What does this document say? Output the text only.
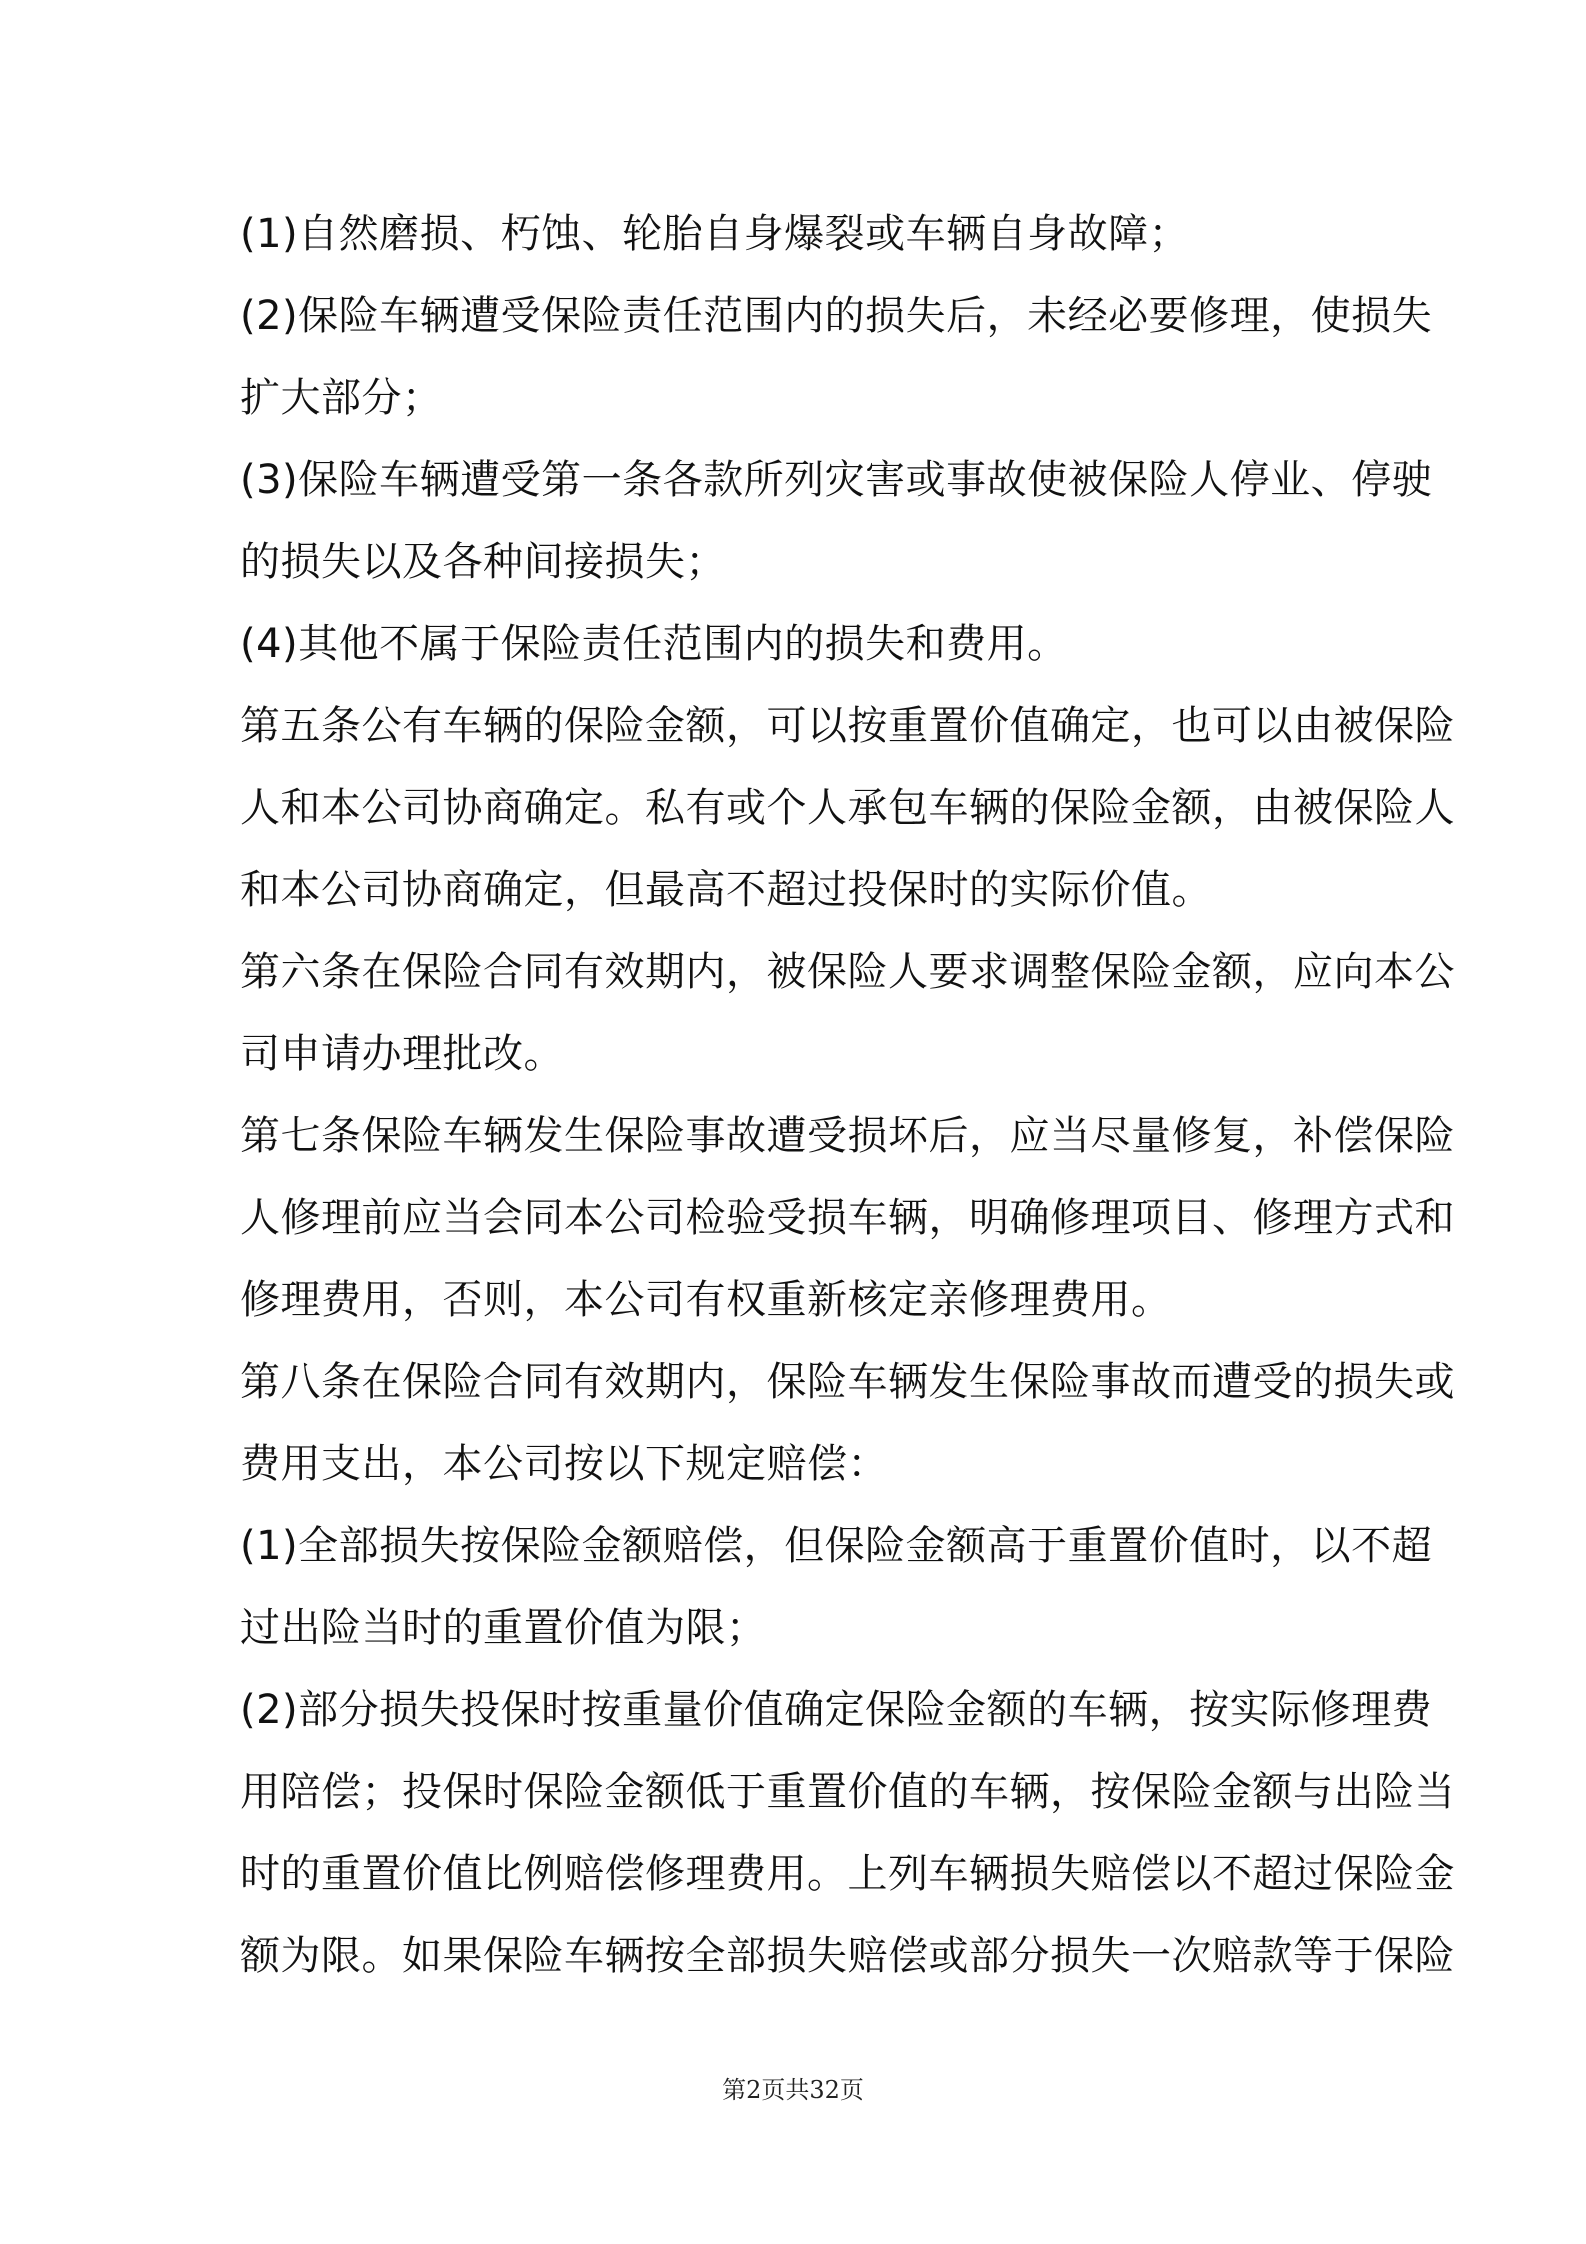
(1)自然磨损、朽蚀、轮胎自身爆裂或车辆自身故障；
(2)保险车辆遭受保险责任范围内的损失后，未经必要修理，使损失
扩大部分；
(3)保险车辆遭受第一条各款所列灾害或事故使被保险人停业、停驶
的损失以及各种间接损失；
(4)其他不属于保险责任范围内的损失和费用。
第五条公有车辆的保险金额，可以按重置价值确定，也可以由被保险
人和本公司协商确定。私有或个人承包车辆的保险金额，由被保险人
和本公司协商确定，但最高不超过投保时的实际价值。
第六条在保险合同有效期内，被保险人要求调整保险金额，应向本公
司申请办理批改。
第七条保险车辆发生保险事故遭受损坏后，应当尽量修复，补偿保险
人修理前应当会同本公司检验受损车辆，明确修理项目、修理方式和
修理费用，否则，本公司有权重新核定亲修理费用。
第八条在保险合同有效期内，保险车辆发生保险事故而遭受的损失或
费用支出，本公司按以下规定赔偿：
(1)全部损失按保险金额赔偿，但保险金额高于重置价值时，以不超
过出险当时的重置价值为限；
(2)部分损失投保时按重量价值确定保险金额的车辆，按实际修理费
用陪偿；投保时保险金额低于重置价值的车辆，按保险金额与出险当
时的重置价值比例赔偿修理费用。上列车辆损失赔偿以不超过保险金
额为限。如果保险车辆按全部损失赔偿或部分损失一次赔款等于保险
第2页共32页
